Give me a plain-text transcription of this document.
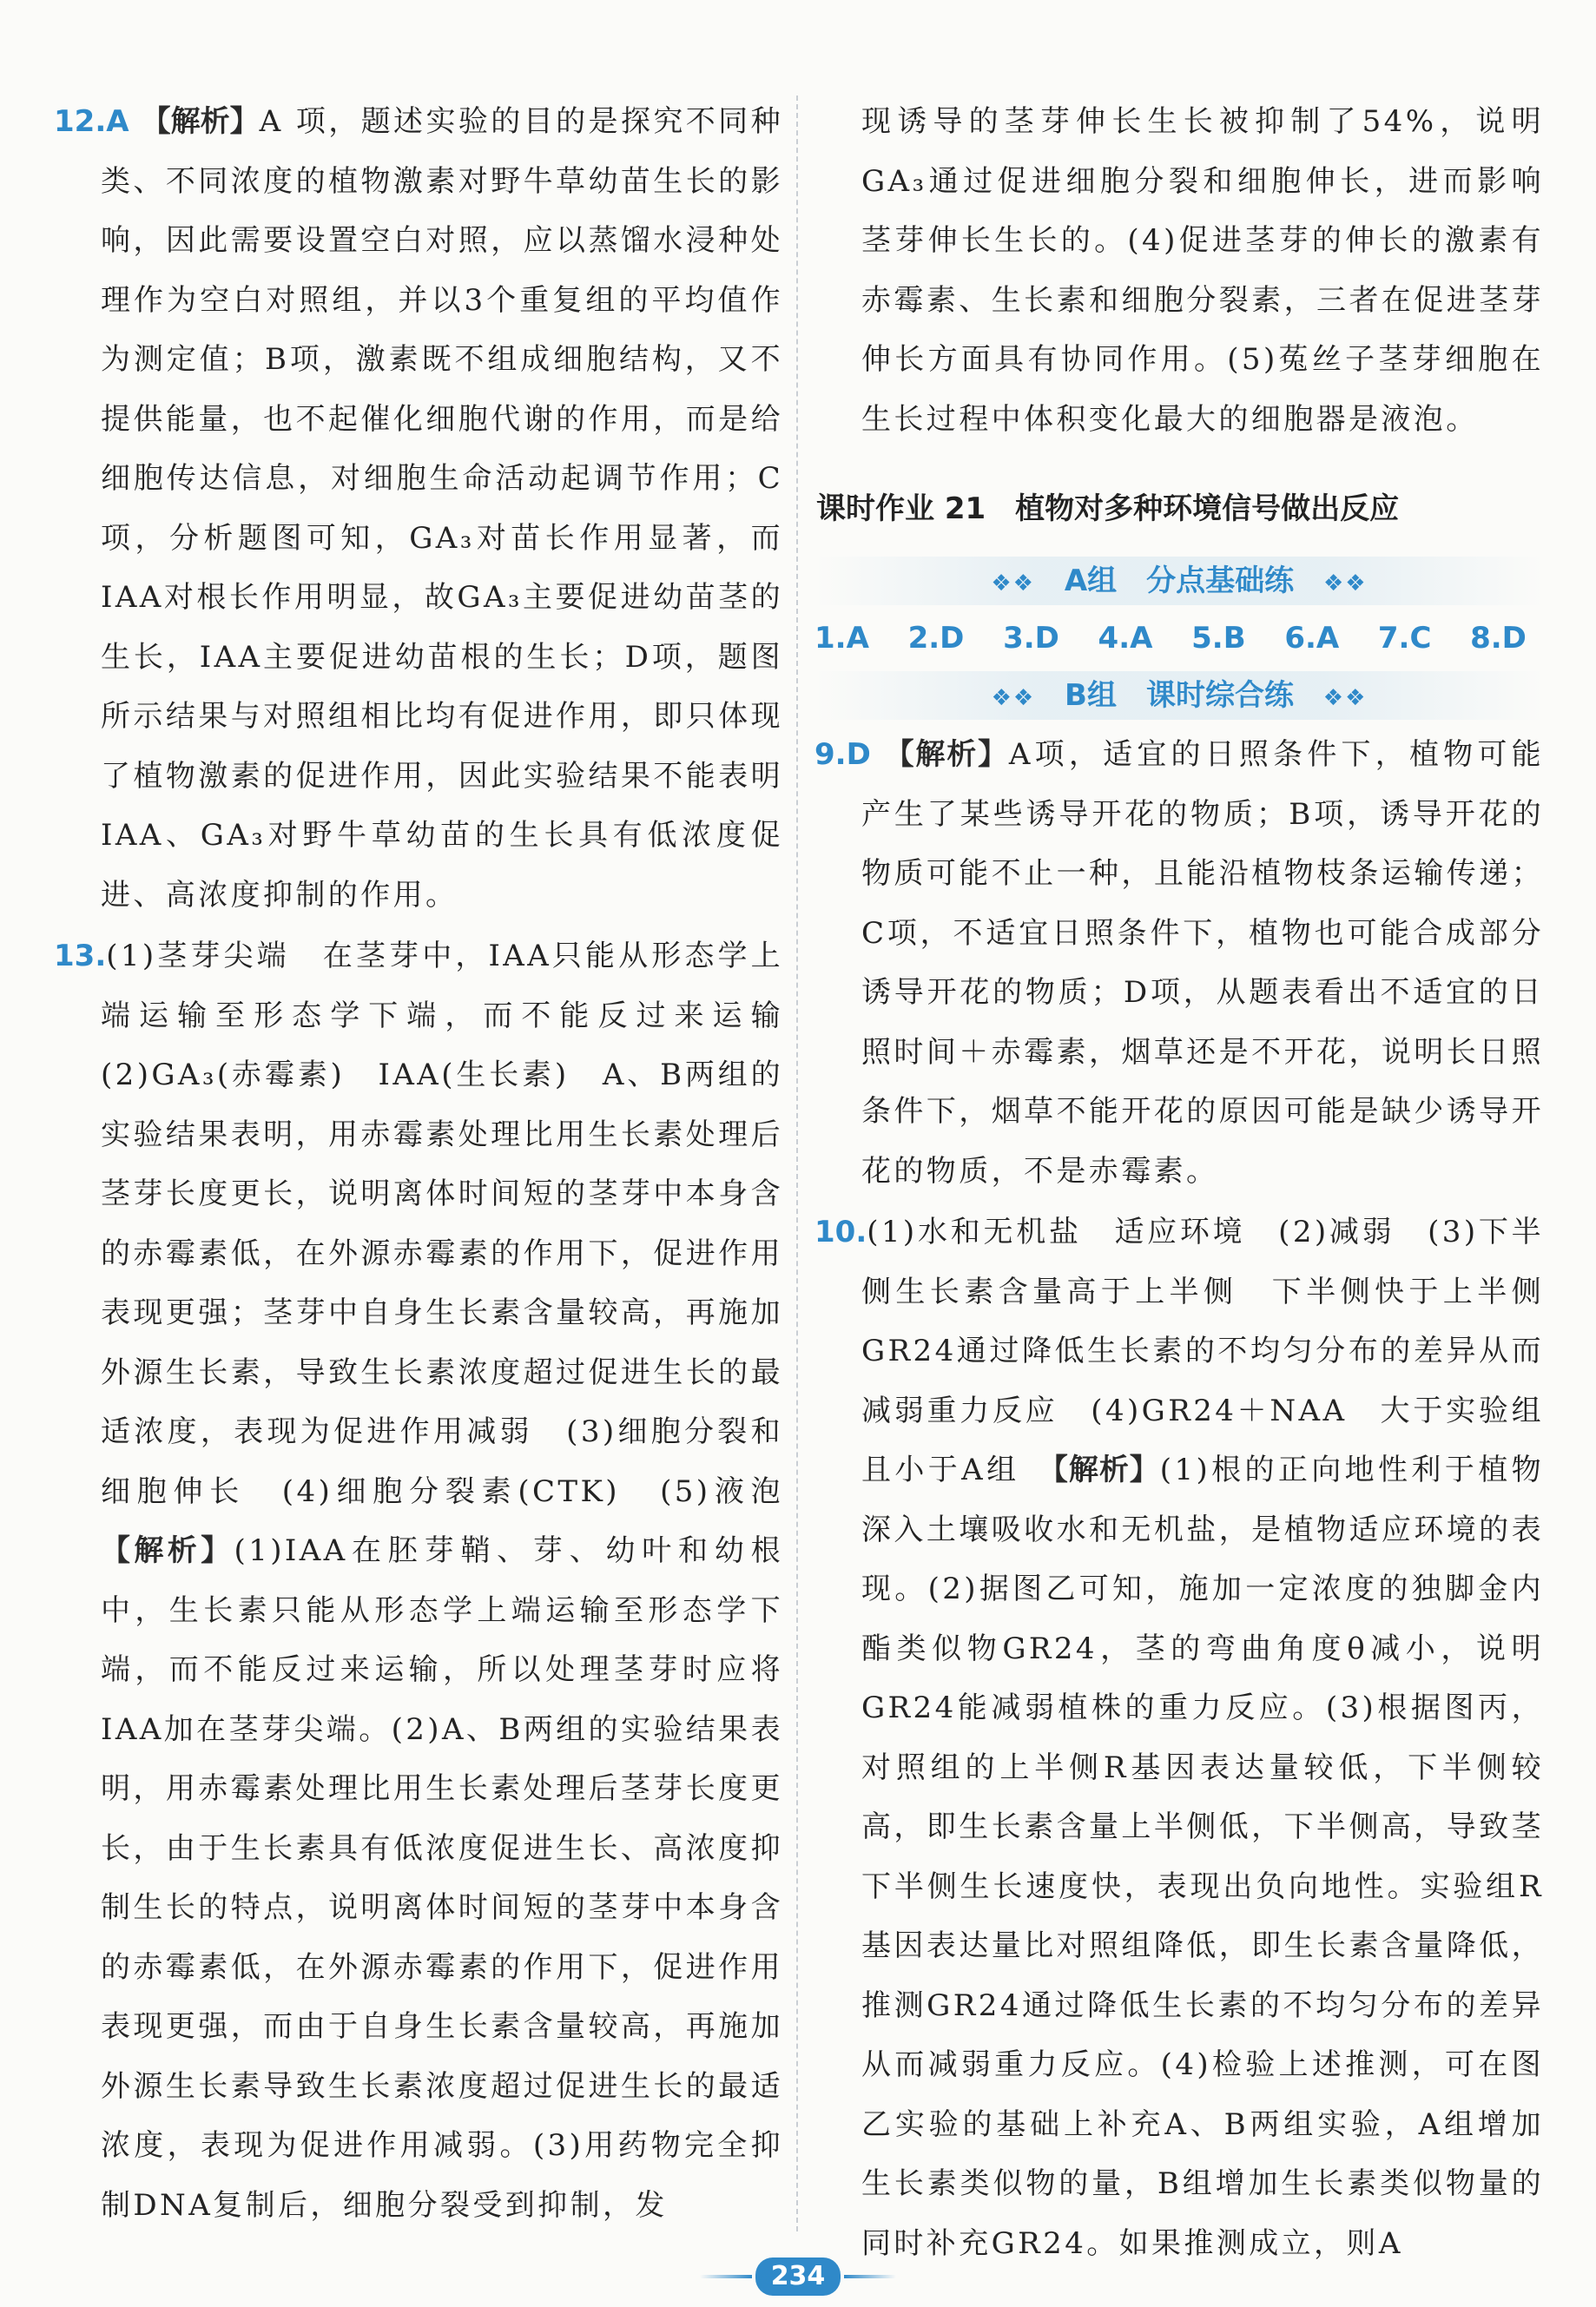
12.A 【解析】A 项，题述实验的目的是探究不同种类、不同浓度的植物激素对野牛草幼苗生长的影响，因此需要设置空白对照，应以蒸馏水浸种处理作为空白对照组，并以3个重复组的平均值作为测定值；B项，激素既不组成细胞结构，又不提供能量，也不起催化细胞代谢的作用，而是给细胞传达信息，对细胞生命活动起调节作用；C项，分析题图可知，GA₃对苗长作用显著，而IAA对根长作用明显，故GA₃主要促进幼苗茎的生长，IAA主要促进幼苗根的生长；D项，题图所示结果与对照组相比均有促进作用，即只体现了植物激素的促进作用，因此实验结果不能表明IAA、GA₃对野牛草幼苗的生长具有低浓度促进、高浓度抑制的作用。

13.(1)茎芽尖端　在茎芽中，IAA只能从形态学上端运输至形态学下端，而不能反过来运输　(2)GA₃(赤霉素)　IAA(生长素)　A、B两组的实验结果表明，用赤霉素处理比用生长素处理后茎芽长度更长，说明离体时间短的茎芽中本身含的赤霉素低，在外源赤霉素的作用下，促进作用表现更强；茎芽中自身生长素含量较高，再施加外源生长素，导致生长素浓度超过促进生长的最适浓度，表现为促进作用减弱　(3)细胞分裂和细胞伸长　(4)细胞分裂素(CTK)　(5)液泡　【解析】(1)IAA在胚芽鞘、芽、幼叶和幼根中，生长素只能从形态学上端运输至形态学下端，而不能反过来运输，所以处理茎芽时应将IAA加在茎芽尖端。(2)A、B两组的实验结果表明，用赤霉素处理比用生长素处理后茎芽长度更长，由于生长素具有低浓度促进生长、高浓度抑制生长的特点，说明离体时间短的茎芽中本身含的赤霉素低，在外源赤霉素的作用下，促进作用表现更强，而由于自身生长素含量较高，再施加外源生长素导致生长素浓度超过促进生长的最适浓度，表现为促进作用减弱。(3)用药物完全抑制DNA复制后，细胞分裂受到抑制，发

现诱导的茎芽伸长生长被抑制了54%，说明GA₃通过促进细胞分裂和细胞伸长，进而影响茎芽伸长生长的。(4)促进茎芽的伸长的激素有赤霉素、生长素和细胞分裂素，三者在促进茎芽伸长方面具有协同作用。(5)菟丝子茎芽细胞在生长过程中体积变化最大的细胞器是液泡。

课时作业 21　植物对多种环境信号做出反应
❖❖ A组　分点基础练 ❖❖
1.A 2.D 3.D 4.A 5.B 6.A 7.C 8.D
❖❖ B组　课时综合练 ❖❖

9.D 【解析】A项，适宜的日照条件下，植物可能产生了某些诱导开花的物质；B项，诱导开花的物质可能不止一种，且能沿植物枝条运输传递；C项，不适宜日照条件下，植物也可能合成部分诱导开花的物质；D项，从题表看出不适宜的日照时间＋赤霉素，烟草还是不开花，说明长日照条件下，烟草不能开花的原因可能是缺少诱导开花的物质，不是赤霉素。

10.(1)水和无机盐　适应环境　(2)减弱　(3)下半侧生长素含量高于上半侧　下半侧快于上半侧　GR24通过降低生长素的不均匀分布的差异从而减弱重力反应　(4)GR24＋NAA　大于实验组且小于A组　【解析】(1)根的正向地性利于植物深入土壤吸收水和无机盐，是植物适应环境的表现。(2)据图乙可知，施加一定浓度的独脚金内酯类似物GR24，茎的弯曲角度θ减小，说明GR24能减弱植株的重力反应。(3)根据图丙，对照组的上半侧R基因表达量较低，下半侧较高，即生长素含量上半侧低，下半侧高，导致茎下半侧生长速度快，表现出负向地性。实验组R基因表达量比对照组降低，即生长素含量降低，推测GR24通过降低生长素的不均匀分布的差异从而减弱重力反应。(4)检验上述推测，可在图乙实验的基础上补充A、B两组实验，A组增加生长素类似物的量，B组增加生长素类似物量的同时补充GR24。如果推测成立，则A

234
